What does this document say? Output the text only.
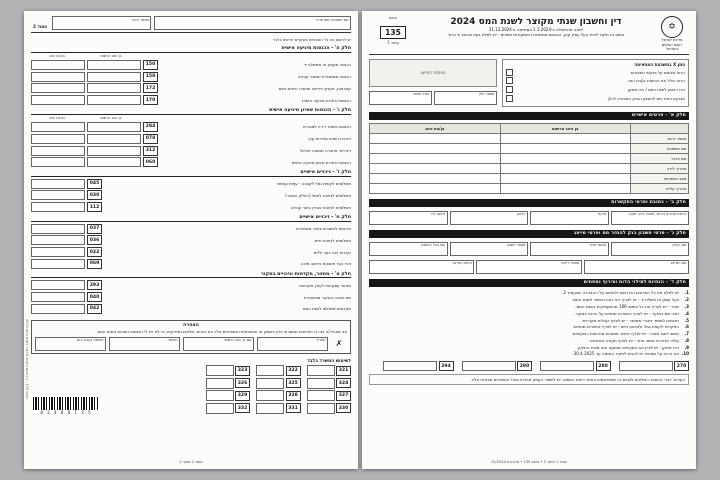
טופס 135 - דין וחשבון שנתי מקוצר לשנת המס 2024
שם משפחה ושם פרטי
מספר זהות
עמוד 2
יש לרשום את כל הסכומים בשקלים חדשים בלבד
חלק ה' - הכנסות מיגיעה אישית
בן הזוג הרשום
בן/בת הזוג
הכנסה מעסק או ממשלח יד
150
הכנסה ממשכורת ומשכר עבודה
158
קצבאות, מענקי פרישה ופנסיה חייבים במס
172
הכנסות אחרות מיגיעה אישית
170
חלק ו' - הכנסות שאינן מיגיעה אישית
בן הזוג הרשום
בן/בת הזוג
הכנסות משכר דירה למגורים
284
ריבית ורווחים מניירות ערך
078
דיבידנד מחברה תושבת ישראל
312
הכנסות אחרות שאינן מיגיעה אישית
060
חלק ז' - ניכויים אישיים
תשלומים לקופת גמל לקצבה - עמית עצמאי
045
תשלומים לביטוח לאומי (החלק המוכר)
030
תשלומים לביטוח אובדן כושר עבודה
112
חלק ח' - זיכויים אישיים
תרומות למוסדות ציבור מאושרים
037
תשלומים לביטוח חיים
036
נקודות זיכוי בעד ילדים
022
זיכוי בעד תושבות ביישוב מזכה
069
חלק ט' - מחזור, מקדמות וניכויים במקור
מחזור עסקאות לעניין מקדמות
293
מס שנוכה במקור ממשכורת
040
מקדמות ששולמו לשנת המס
042
הצהרה
אני מצהיר/ה בזה כי הפרטים שמסרתי בדין וחשבון זה ובנספחים המצורפים אליו הם נכונים, מלאים ומדויקים, וכי לא היו לי הכנסות נוספות בשנת המס.
✗
תאריך
שם בן הזוג הרשום
חתימה
חתימת בן/בת הזוג
לשימוש המשרד בלבד
321
322
323
324
325
326
327
328
329
330
331
332
0 2 4 0 8 1 3 5
עמוד 2 מתוך 2
✡
מדינת ישראל
רשות המסים בישראל
דין וחשבון שנתי מקוצר לשנת המס 2024
לשנה שהתחילה ב-1.1.2024 ונסתיימה ב-31.12.2024
טופס זה מיועד ליחיד בעל עסק קטן, הכנסות ממשכורת וממקורות נוספים - יש למלא בעט ובכתב יד ברור
טופס
135
עמוד 1
סמן X במשבצת המתאימה
הדוח מבוסס על פנקסי חשבונות
הדוח כולל את הכנסות בן/בת הזוג
דוח ראשון לשנת המס / דוח מתקן
מבוקש החזר מס לחשבון הבנק המפורט להלן
חותמת המייצג
מספר תיק
פקיד שומה
חלק א' - פרטים אישיים
בן הזוג הרשום
בן/בת הזוג
מספר זהות
שם משפחה
שם פרטי
תאריך לידה
מצב משפחתי
תאריך עלייה
חלק ב' - כתובת ופרטי התקשרות
כתובת מגורים (רחוב, מספר בית, יישוב)
מיקוד
טלפון
טלפון נייד
חלק ג' - פרטי חשבון בנק להחזר מס ופרטי מייצג
שם הבנק
מספר סניף
מספר חשבון
שם בעל החשבון
שם המייצג
מספר רישיון
טלפון המייצג
חלק ד' - הנחיות למילוי הדוח וצירוף נספחים
1.
יש למלא את כל הפרטים הנדרשים ולחתום על ההצהרה שבעמוד 2.
2.
בעל עסק או משלח יד - יש לצרף דוח רווח והפסד לשנת המס.
3.
שכיר - יש לצרף את כל טופסי 106 מהמעסיקים בשנת המס.
4.
נוכה מס במקור - יש לצרף אישורים שנתיים על הניכוי במקור.
5.
תרומות למוסד ציבורי מאושר - יש לצרף קבלות מקוריות.
6.
הפקדות לקופת גמל ולביטוח חיים - יש לצרף אישורים שנתיים.
7.
תושב יישוב מזכה - יש לצרף אישור תושבות מהרשות המקומית.
8.
עולה חדש או תושב חוזר - יש לצרף תעודה מתאימה.
9.
דוח מתקן - יש לציין את הסעיפים שתוקנו ואת סיבת התיקון.
10.
את הדוח על נספחיו יש להגיש לפקיד השומה עד 30.4.2025.
270
280
290
294
הערות: דברי ההסבר המלאים לטופס זה מתפרסמים באתר רשות המסים. יש לשמור העתק מהדוח ומכל הנספחים שצורפו אליו.
עמוד 1 מתוך 2 • טופס 135 • מהדורת 12/2024
